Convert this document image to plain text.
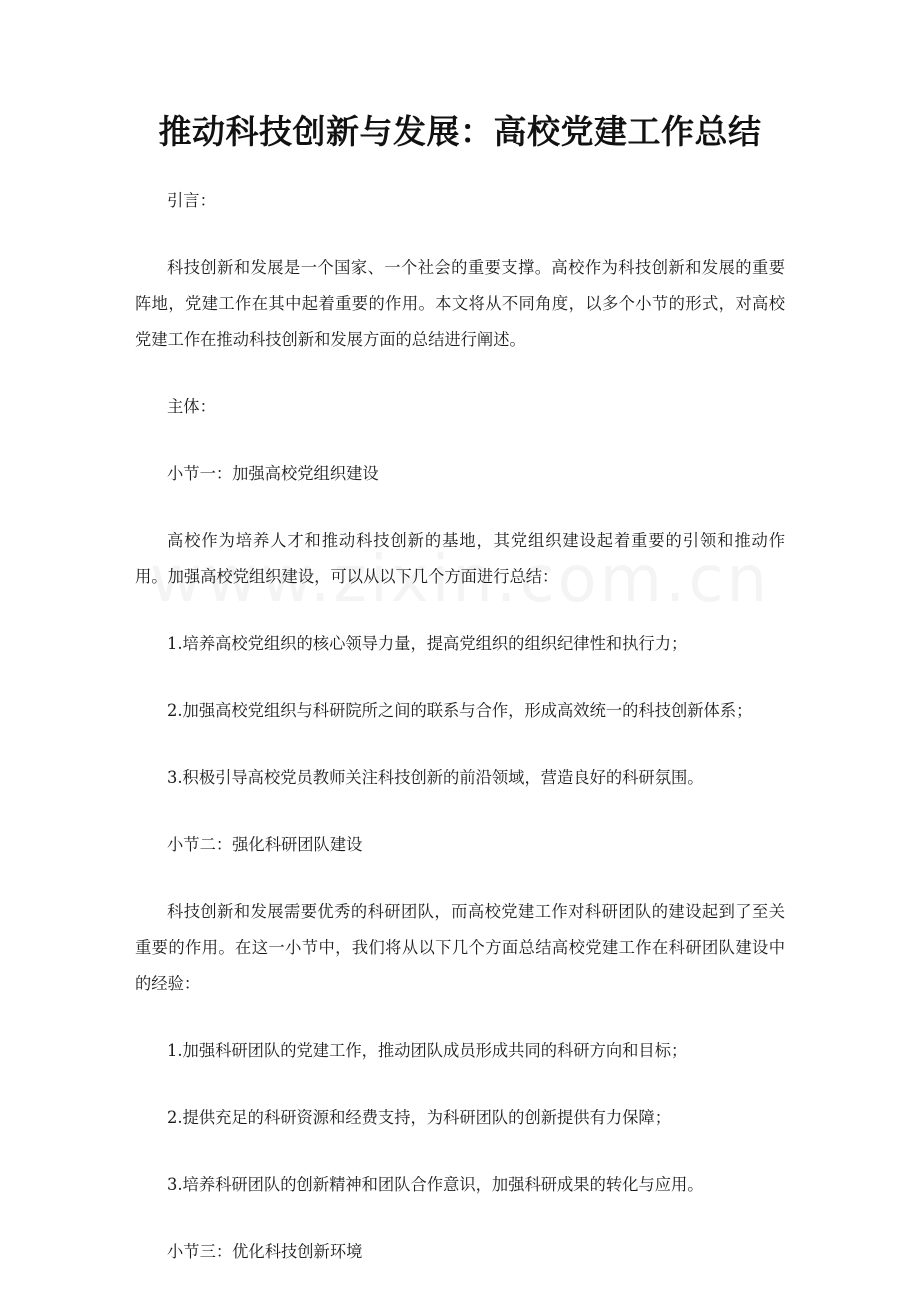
推动科技创新与发展：高校党建工作总结

引言：

科技创新和发展是一个国家、一个社会的重要支撑。高校作为科技创新和发展的重要阵地，党建工作在其中起着重要的作用。本文将从不同角度，以多个小节的形式，对高校党建工作在推动科技创新和发展方面的总结进行阐述。

主体：

小节一：加强高校党组织建设

高校作为培养人才和推动科技创新的基地，其党组织建设起着重要的引领和推动作用。加强高校党组织建设，可以从以下几个方面进行总结：

1.培养高校党组织的核心领导力量，提高党组织的组织纪律性和执行力；

2.加强高校党组织与科研院所之间的联系与合作，形成高效统一的科技创新体系；

3.积极引导高校党员教师关注科技创新的前沿领域，营造良好的科研氛围。

小节二：强化科研团队建设

科技创新和发展需要优秀的科研团队，而高校党建工作对科研团队的建设起到了至关重要的作用。在这一小节中，我们将从以下几个方面总结高校党建工作在科研团队建设中的经验：

1.加强科研团队的党建工作，推动团队成员形成共同的科研方向和目标；

2.提供充足的科研资源和经费支持，为科研团队的创新提供有力保障；

3.培养科研团队的创新精神和团队合作意识，加强科研成果的转化与应用。

小节三：优化科技创新环境
